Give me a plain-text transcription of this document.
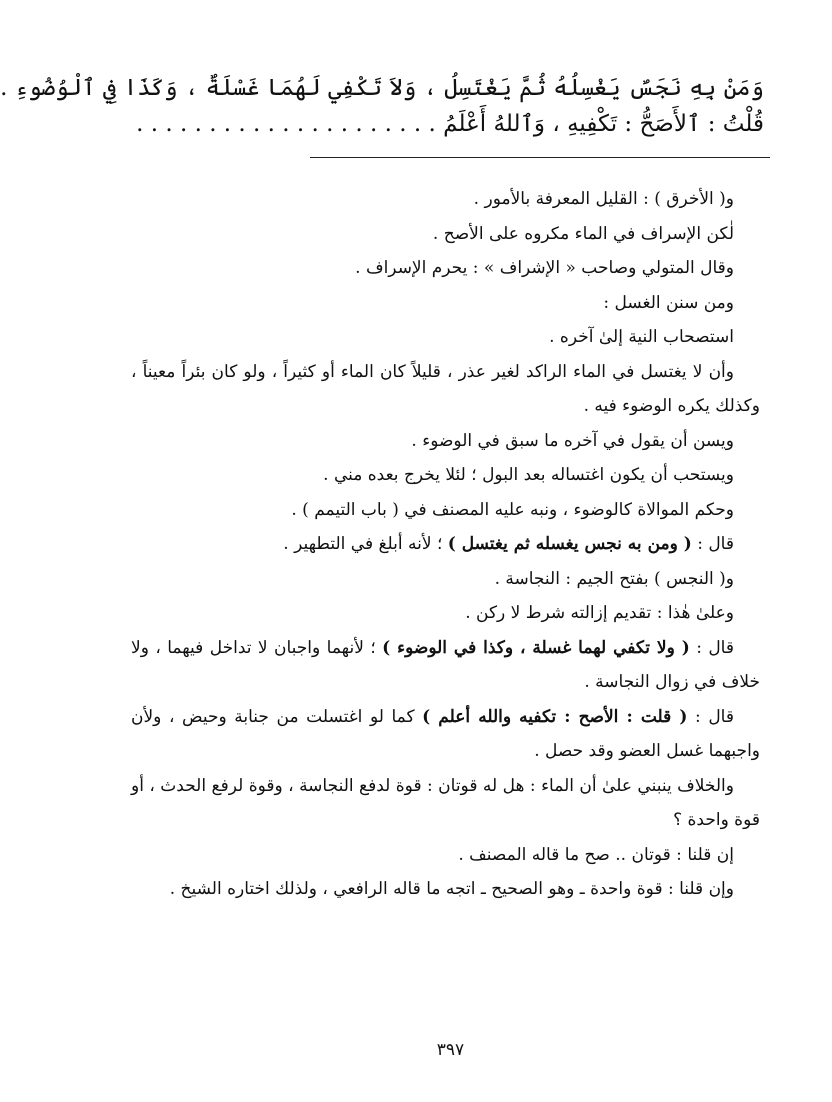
وَمَنْ بِهِ نَجَسٌ يَغْسِلُهُ ثُمَّ يَغْتَسِلُ ، وَلاَ تَكْفِي لَهُمَا غَسْلَةٌ ، وَكَذَا فِي ٱلْوُضُوءِ .
قُلْتُ : ٱلأَصَحُّ : تَكْفِيهِ ، وَٱللهُ أَعْلَمُ . . . . . . . . . . . . . . . . . . . . .

و( الأخرق ) : القليل المعرفة بالأمور .

لٰكن الإسراف في الماء مكروه على الأصح .

وقال المتولي وصاحب « الإشراف » : يحرم الإسراف .

ومن سنن الغسل :

استصحاب النية إلىٰ آخره .

وأن لا يغتسل في الماء الراكد لغير عذر ، قليلاً كان الماء أو كثيراً ، ولو كان بئراً معيناً ، وكذلك يكره الوضوء فيه .

ويسن أن يقول في آخره ما سبق في الوضوء .

ويستحب أن يكون اغتساله بعد البول ؛ لئلا يخرج بعده مني .

وحكم الموالاة كالوضوء ، ونبه عليه المصنف في ( باب التيمم ) .

قال : ( ومن به نجس يغسله ثم يغتسل ) ؛ لأنه أبلغ في التطهير .

و( النجس ) بفتح الجيم : النجاسة .

وعلىٰ هٰذا : تقديم إزالته شرط لا ركن .

قال : ( ولا تكفي لهما غسلة ، وكذا في الوضوء ) ؛ لأنهما واجبان لا تداخل فيهما ، ولا خلاف في زوال النجاسة .

قال : ( قلت : الأصح : تكفيه والله أعلم ) كما لو اغتسلت من جنابة وحيض ، ولأن واجبهما غسل العضو وقد حصل .

والخلاف ينبني علىٰ أن الماء : هل له قوتان : قوة لدفع النجاسة ، وقوة لرفع الحدث ، أو قوة واحدة ؟

إن قلنا : قوتان .. صح ما قاله المصنف .

وإن قلنا : قوة واحدة ـ وهو الصحيح ـ اتجه ما قاله الرافعي ، ولذلك اختاره الشيخ .

٣٩٧
